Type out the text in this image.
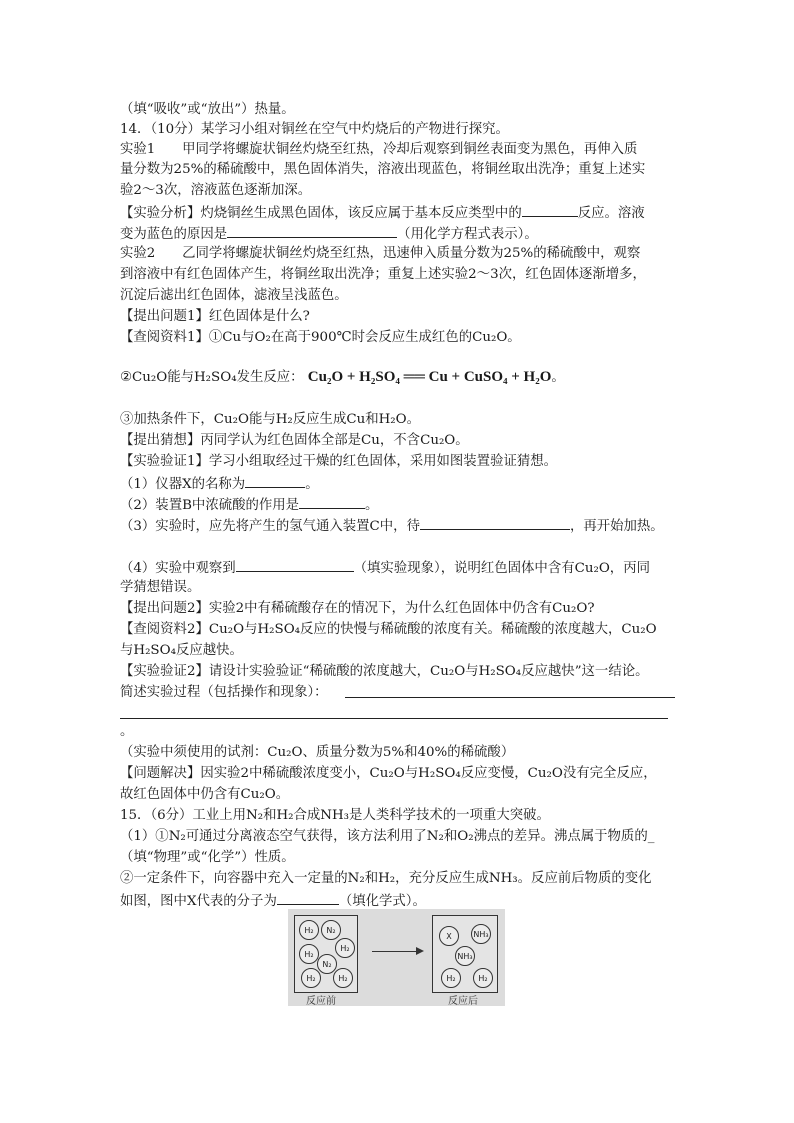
（填“吸收”或“放出”）热量。
14．（10分）某学习小组对铜丝在空气中灼烧后的产物进行探究。
实验1　　甲同学将螺旋状铜丝灼烧至红热，冷却后观察到铜丝表面变为黑色，再伸入质
量分数为25%的稀硫酸中，黑色固体消失，溶液出现蓝色，将铜丝取出洗净；重复上述实
验2～3次，溶液蓝色逐渐加深。
【实验分析】灼烧铜丝生成黑色固体，该反应属于基本反应类型中的	反应。溶液
变为蓝色的原因是	（用化学方程式表示）。
实验2　　乙同学将螺旋状铜丝灼烧至红热，迅速伸入质量分数为25%的稀硫酸中，观察
到溶液中有红色固体产生，将铜丝取出洗净；重复上述实验2～3次，红色固体逐渐增多，
沉淀后滤出红色固体，滤液呈浅蓝色。
【提出问题1】红色固体是什么?
【查阅资料1】①Cu与O₂在高于900℃时会反应生成红色的Cu₂O。
②Cu₂O能与H₂SO₄发生反应： Cu₂O + H₂SO₄ ══ Cu + CuSO₄ + H₂O。
③加热条件下，Cu₂O能与H₂反应生成Cu和H₂O。
【提出猜想】丙同学认为红色固体全部是Cu，不含Cu₂O。
【实验验证1】学习小组取经过干燥的红色固体，采用如图装置验证猜想。
（1）仪器X的名称为	。
（2）装置B中浓硫酸的作用是	。
（3）实验时，应先将产生的氢气通入装置C中，待	，再开始加热。
（4）实验中观察到	（填实验现象），说明红色固体中含有Cu₂O，丙同
学猜想错误。
【提出问题2】实验2中有稀硫酸存在的情况下，为什么红色固体中仍含有Cu₂O?
【查阅资料2】Cu₂O与H₂SO₄反应的快慢与稀硫酸的浓度有关。稀硫酸的浓度越大，Cu₂O
与H₂SO₄反应越快。
【实验验证2】请设计实验验证“稀硫酸的浓度越大，Cu₂O与H₂SO₄反应越快”这一结论。
简述实验过程（包括操作和现象）：
。
（实验中须使用的试剂：Cu₂O、质量分数为5%和40%的稀硫酸）
【问题解决】因实验2中稀硫酸浓度变小，Cu₂O与H₂SO₄反应变慢，Cu₂O没有完全反应，
故红色固体中仍含有Cu₂O。
15．（6分）工业上用N₂和H₂合成NH₃是人类科学技术的一项重大突破。
（1）①N₂可通过分离液态空气获得，该方法利用了N₂和O₂沸点的差异。沸点属于物质的_
（填“物理”或“化学”）性质。
②一定条件下，向容器中充入一定量的N₂和H₂，充分反应生成NH₃。反应前后物质的变化
如图，图中X代表的分子为	（填化学式）。
H₂	N₂
H₂
H₂
N₂
H₂	H₂
反应前
X	NH₃
NH₃
H₂	H₂
反应后
